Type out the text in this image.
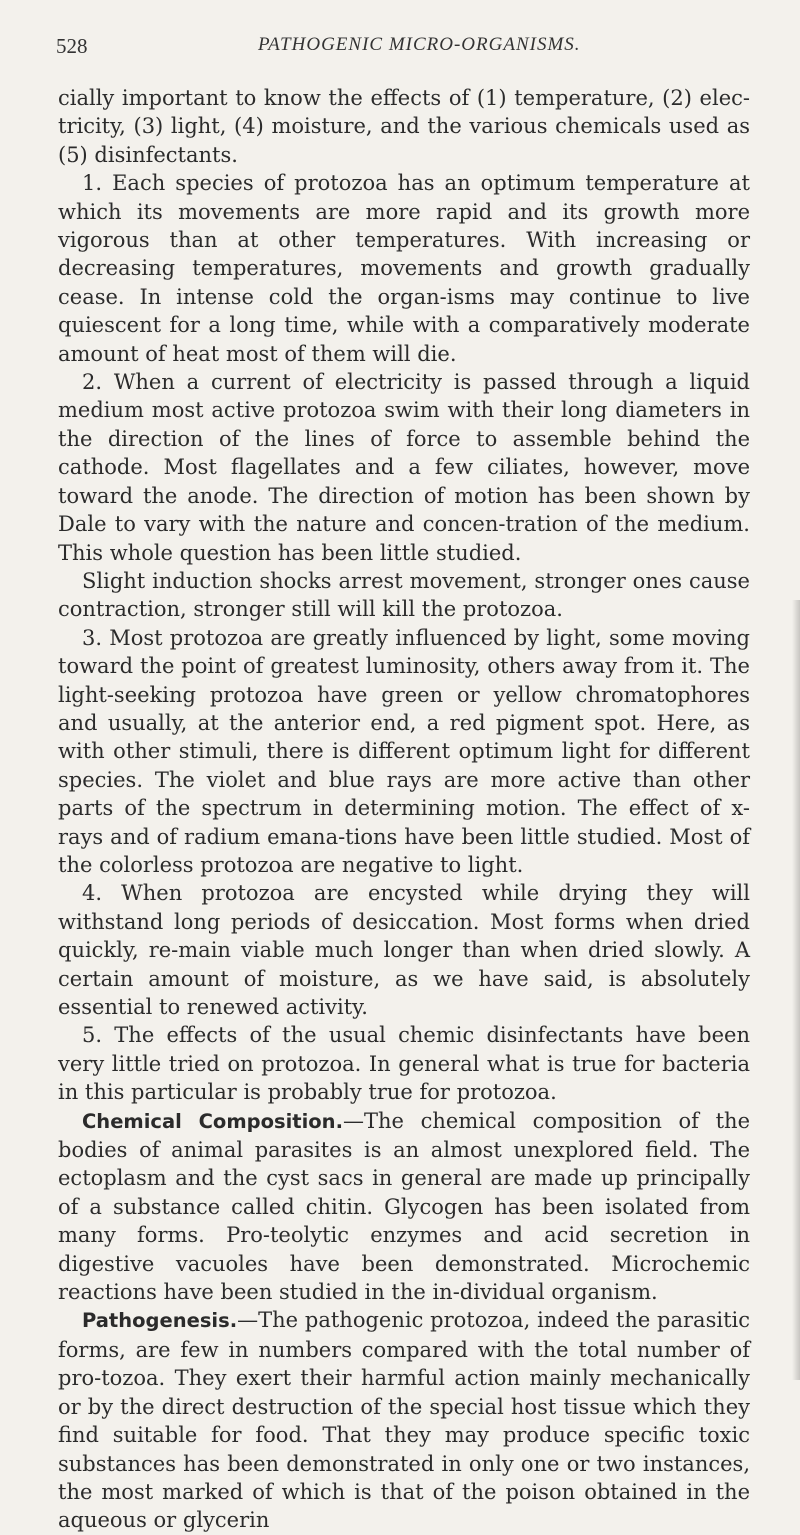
528	PATHOGENIC MICRO-ORGANISMS.

cially important to know the effects of (1) temperature, (2) elec-tricity, (3) light, (4) moisture, and the various chemicals used as (5) disinfectants.

1. Each species of protozoa has an optimum temperature at which its movements are more rapid and its growth more vigorous than at other temperatures. With increasing or decreasing temperatures, movements and growth gradually cease. In intense cold the organ-isms may continue to live quiescent for a long time, while with a comparatively moderate amount of heat most of them will die.

2. When a current of electricity is passed through a liquid medium most active protozoa swim with their long diameters in the direction of the lines of force to assemble behind the cathode. Most flagellates and a few ciliates, however, move toward the anode. The direction of motion has been shown by Dale to vary with the nature and concen-tration of the medium. This whole question has been little studied.

Slight induction shocks arrest movement, stronger ones cause contraction, stronger still will kill the protozoa.

3. Most protozoa are greatly influenced by light, some moving toward the point of greatest luminosity, others away from it. The light-seeking protozoa have green or yellow chromatophores and usually, at the anterior end, a red pigment spot. Here, as with other stimuli, there is different optimum light for different species. The violet and blue rays are more active than other parts of the spectrum in determining motion. The effect of x-rays and of radium emana-tions have been little studied. Most of the colorless protozoa are negative to light.

4. When protozoa are encysted while drying they will withstand long periods of desiccation. Most forms when dried quickly, re-main viable much longer than when dried slowly. A certain amount of moisture, as we have said, is absolutely essential to renewed activity.

5. The effects of the usual chemic disinfectants have been very little tried on protozoa. In general what is true for bacteria in this particular is probably true for protozoa.

Chemical Composition.—The chemical composition of the bodies of animal parasites is an almost unexplored field. The ectoplasm and the cyst sacs in general are made up principally of a substance called chitin. Glycogen has been isolated from many forms. Pro-teolytic enzymes and acid secretion in digestive vacuoles have been demonstrated. Microchemic reactions have been studied in the in-dividual organism.

Pathogenesis.—The pathogenic protozoa, indeed the parasitic forms, are few in numbers compared with the total number of pro-tozoa. They exert their harmful action mainly mechanically or by the direct destruction of the special host tissue which they find suitable for food. That they may produce specific toxic substances has been demonstrated in only one or two instances, the most marked of which is that of the poison obtained in the aqueous or glycerin
